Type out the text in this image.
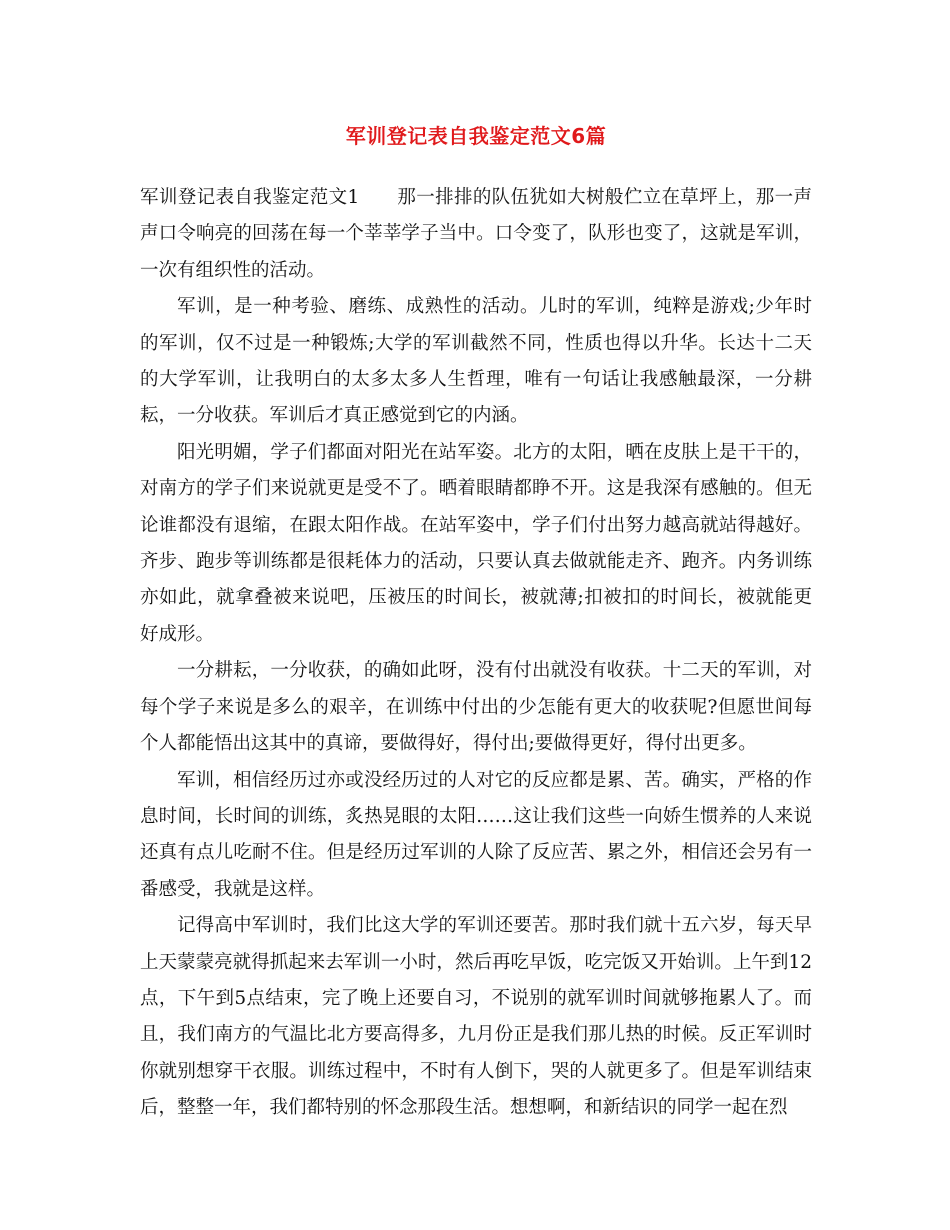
军训登记表自我鉴定范文6篇

军训登记表自我鉴定范文1　　那一排排的队伍犹如大树般伫立在草坪上，那一声声口令响亮的回荡在每一个莘莘学子当中。口令变了，队形也变了，这就是军训，一次有组织性的活动。

军训，是一种考验、磨练、成熟性的活动。儿时的军训，纯粹是游戏;少年时的军训，仅不过是一种锻炼;大学的军训截然不同，性质也得以升华。长达十二天的大学军训，让我明白的太多太多人生哲理，唯有一句话让我感触最深，一分耕耘，一分收获。军训后才真正感觉到它的内涵。

阳光明媚，学子们都面对阳光在站军姿。北方的太阳，晒在皮肤上是干干的，对南方的学子们来说就更是受不了。晒着眼睛都睁不开。这是我深有感触的。但无论谁都没有退缩，在跟太阳作战。在站军姿中，学子们付出努力越高就站得越好。齐步、跑步等训练都是很耗体力的活动，只要认真去做就能走齐、跑齐。内务训练亦如此，就拿叠被来说吧，压被压的时间长，被就薄;扣被扣的时间长，被就能更好成形。

一分耕耘，一分收获，的确如此呀，没有付出就没有收获。十二天的军训，对每个学子来说是多么的艰辛，在训练中付出的少怎能有更大的收获呢?但愿世间每个人都能悟出这其中的真谛，要做得好，得付出;要做得更好，得付出更多。

军训，相信经历过亦或没经历过的人对它的反应都是累、苦。确实，严格的作息时间，长时间的训练，炙热晃眼的太阳……这让我们这些一向娇生惯养的人来说还真有点儿吃耐不住。但是经历过军训的人除了反应苦、累之外，相信还会另有一番感受，我就是这样。

记得高中军训时，我们比这大学的军训还要苦。那时我们就十五六岁，每天早上天蒙蒙亮就得抓起来去军训一小时，然后再吃早饭，吃完饭又开始训。上午到12点，下午到5点结束，完了晚上还要自习，不说别的就军训时间就够拖累人了。而且，我们南方的气温比北方要高得多，九月份正是我们那儿热的时候。反正军训时你就别想穿干衣服。训练过程中，不时有人倒下，哭的人就更多了。但是军训结束后，整整一年，我们都特别的怀念那段生活。想想啊，和新结识的同学一起在烈
